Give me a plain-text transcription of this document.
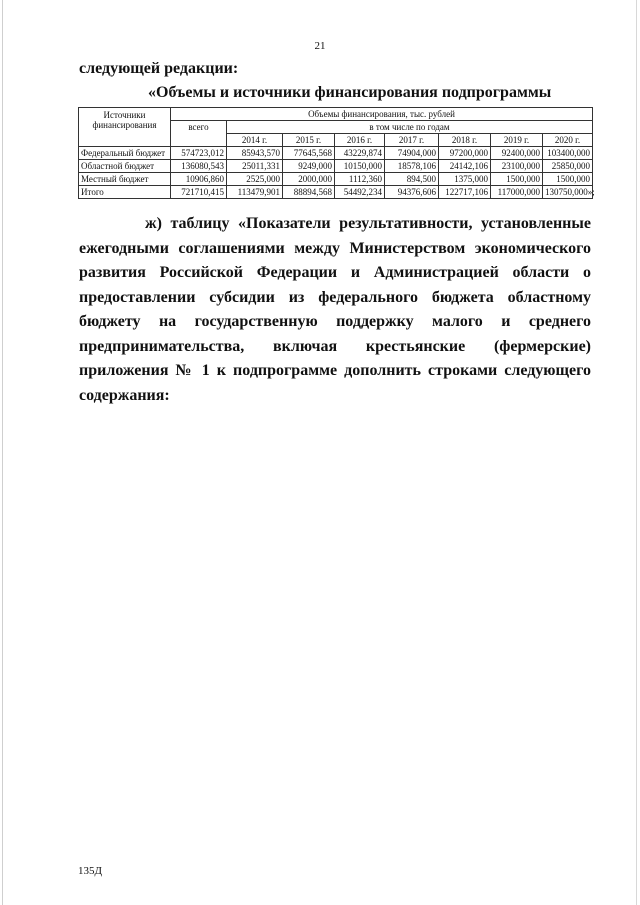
21
следующей редакции:
«Объемы и источники финансирования подпрограммы
Источники финансирования	Объемы финансирования, тыс. рублей							
	всего	в том числе по годам						
		2014 г.	2015 г.	2016 г.	2017 г.	2018 г.	2019 г.	2020 г.
Федеральный бюджет	574723,012	85943,570	77645,568	43229,874	74904,000	97200,000	92400,000	103400,000
Областной бюджет	136080,543	25011,331	9249,000	10150,000	18578,106	24142,106	23100,000	25850,000
Местный бюджет	10906,860	2525,000	2000,000	1112,360	894,500	1375,000	1500,000	1500,000
Итого	721710,415	113479,901	88894,568	54492,234	94376,606	122717,106	117000,000	130750,000»;
ж) таблицу «Показатели результативности, установленные
ежегодными соглашениями между Министерством экономического
развития Российской Федерации и Администрацией области о
предоставлении субсидии из федерального бюджета областному
бюджету на государственную поддержку малого и среднего
предпринимательства, включая крестьянские (фермерские)
приложения № 1 к подпрограмме дополнить строками следующего
содержания:
135Д
